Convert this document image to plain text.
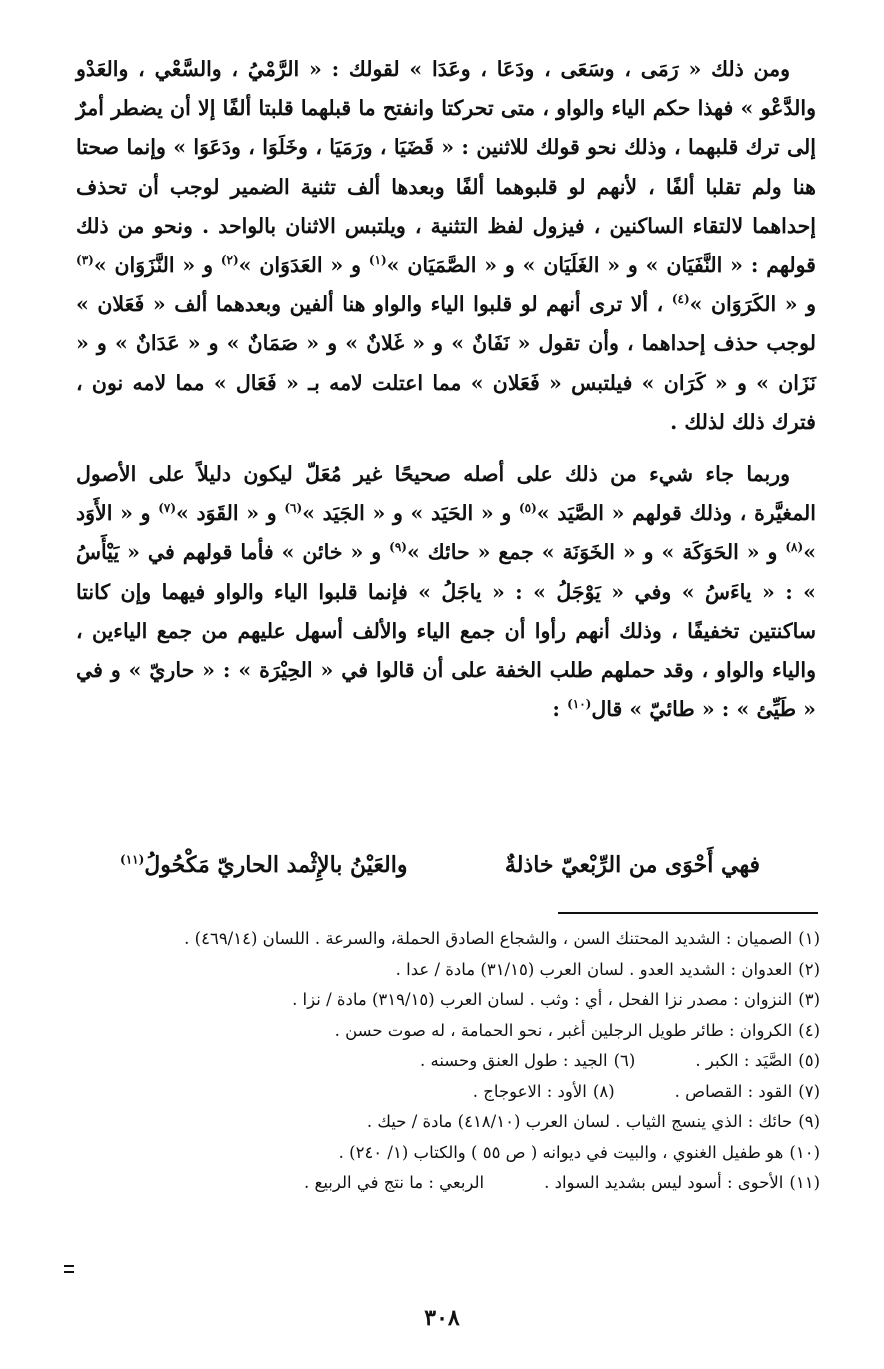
ومن ذلك « رَمَى ، وسَعَى ، ودَعَا ، وعَدَا » لقولك : « الرَّمْيُ ، والسَّعْي ، والعَدْو والدَّعْو » فهذا حكم الياء والواو ، متى تحركتا وانفتح ما قبلهما قلبتا ألفًا إلا أن يضطر أمرٌ إلى ترك قلبهما ، وذلك نحو قولك للاثنين : « قَضَيَا ، ورَمَيَا ، وخَلَوَا ، ودَعَوَا » وإنما صحتا هنا ولم تقلبا ألفًا ، لأنهم لو قلبوهما ألفًا وبعدها ألف تثنية الضمير لوجب أن تحذف إحداهما لالتقاء الساكنين ، فيزول لفظ التثنية ، ويلتبس الاثنان بالواحد . ونحو من ذلك قولهم : « النَّفَيَان » و « الغَلَيَان » و « الصَّمَيَان »$^{(١)}$ و « العَدَوَان »$^{(٢)}$ و « النَّزَوَان »$^{(٣)}$ و « الكَرَوَان »$^{(٤)}$ ، ألا ترى أنهم لو قلبوا الياء والواو هنا ألفين وبعدهما ألف « فَعَلان » لوجب حذف إحداهما ، وأن تقول « نَفَانٌ » و « غَلانٌ » و « صَمَانٌ » و « عَدَانٌ » و « نَزَان » و « كَرَان » فيلتبس « فَعَلان » مما اعتلت لامه بـ « فَعَال » مما لامه نون ، فترك ذلك لذلك .

وربما جاء شيء من ذلك على أصله صحيحًا غير مُعَلّ ليكون دليلاً على الأصول المغيَّرة ، وذلك قولهم « الصَّيَد »$^{(٥)}$ و « الحَيَد » و « الجَيَد »$^{(٦)}$ و « القَوَد »$^{(٧)}$ و « الأَوَد »$^{(٨)}$ و « الحَوَكَة » و « الخَوَنَة » جمع « حائك »$^{(٩)}$ و « خائن » فأما قولهم في « يَيْأَسُ » : « ياءَسُ » وفي « يَوْجَلُ » : « ياجَلُ » فإنما قلبوا الياء والواو فيهما وإن كانتا ساكنتين تخفيفًا ، وذلك أنهم رأوا أن جمع الياء والألف أسهل عليهم من جمع الياءين ، والياء والواو ، وقد حملهم طلب الخفة على أن قالوا في « الحِيْرَة » : « حاريّ » و في « طَيِّئ » : « طائيّ » قال$^{(١٠)}$ :

فهي أَحْوَى من الرِّبْعيّ خاذلةٌ
والعَيْنُ بالإِثْمد الحاريّ مَكْحُولُ$^{(١١)}$
(١)الصميان : الشديد المحتنك السن ، والشجاع الصادق الحملة، والسرعة . اللسان (٤٦٩/١٤) .
(٢)العدوان : الشديد العدو . لسان العرب (٣١/١٥) مادة / عدا .
(٣)النزوان : مصدر نزا الفحل ، أي : وثب . لسان العرب (٣١٩/١٥) مادة / نزا .
(٤)الكروان : طائر طويل الرجلين أغبر ، نحو الحمامة ، له صوت حسن .
(٥)الصَّيَد : الكبر .(٦)الجيد : طول العنق وحسنه .
(٧)القود : القصاص .(٨)الأود : الاعوجاج .
(٩)حائك : الذي ينسج الثياب . لسان العرب (٤١٨/١٠) مادة / حيك .
(١٠)هو طفيل الغنوي ، والبيت في ديوانه ( ص ٥٥ ) والكتاب (١/ ٢٤٠) .
(١١)الأحوى : أسود ليس بشديد السواد .الربعي : ما نتج في الربيع .
٣٠٨
